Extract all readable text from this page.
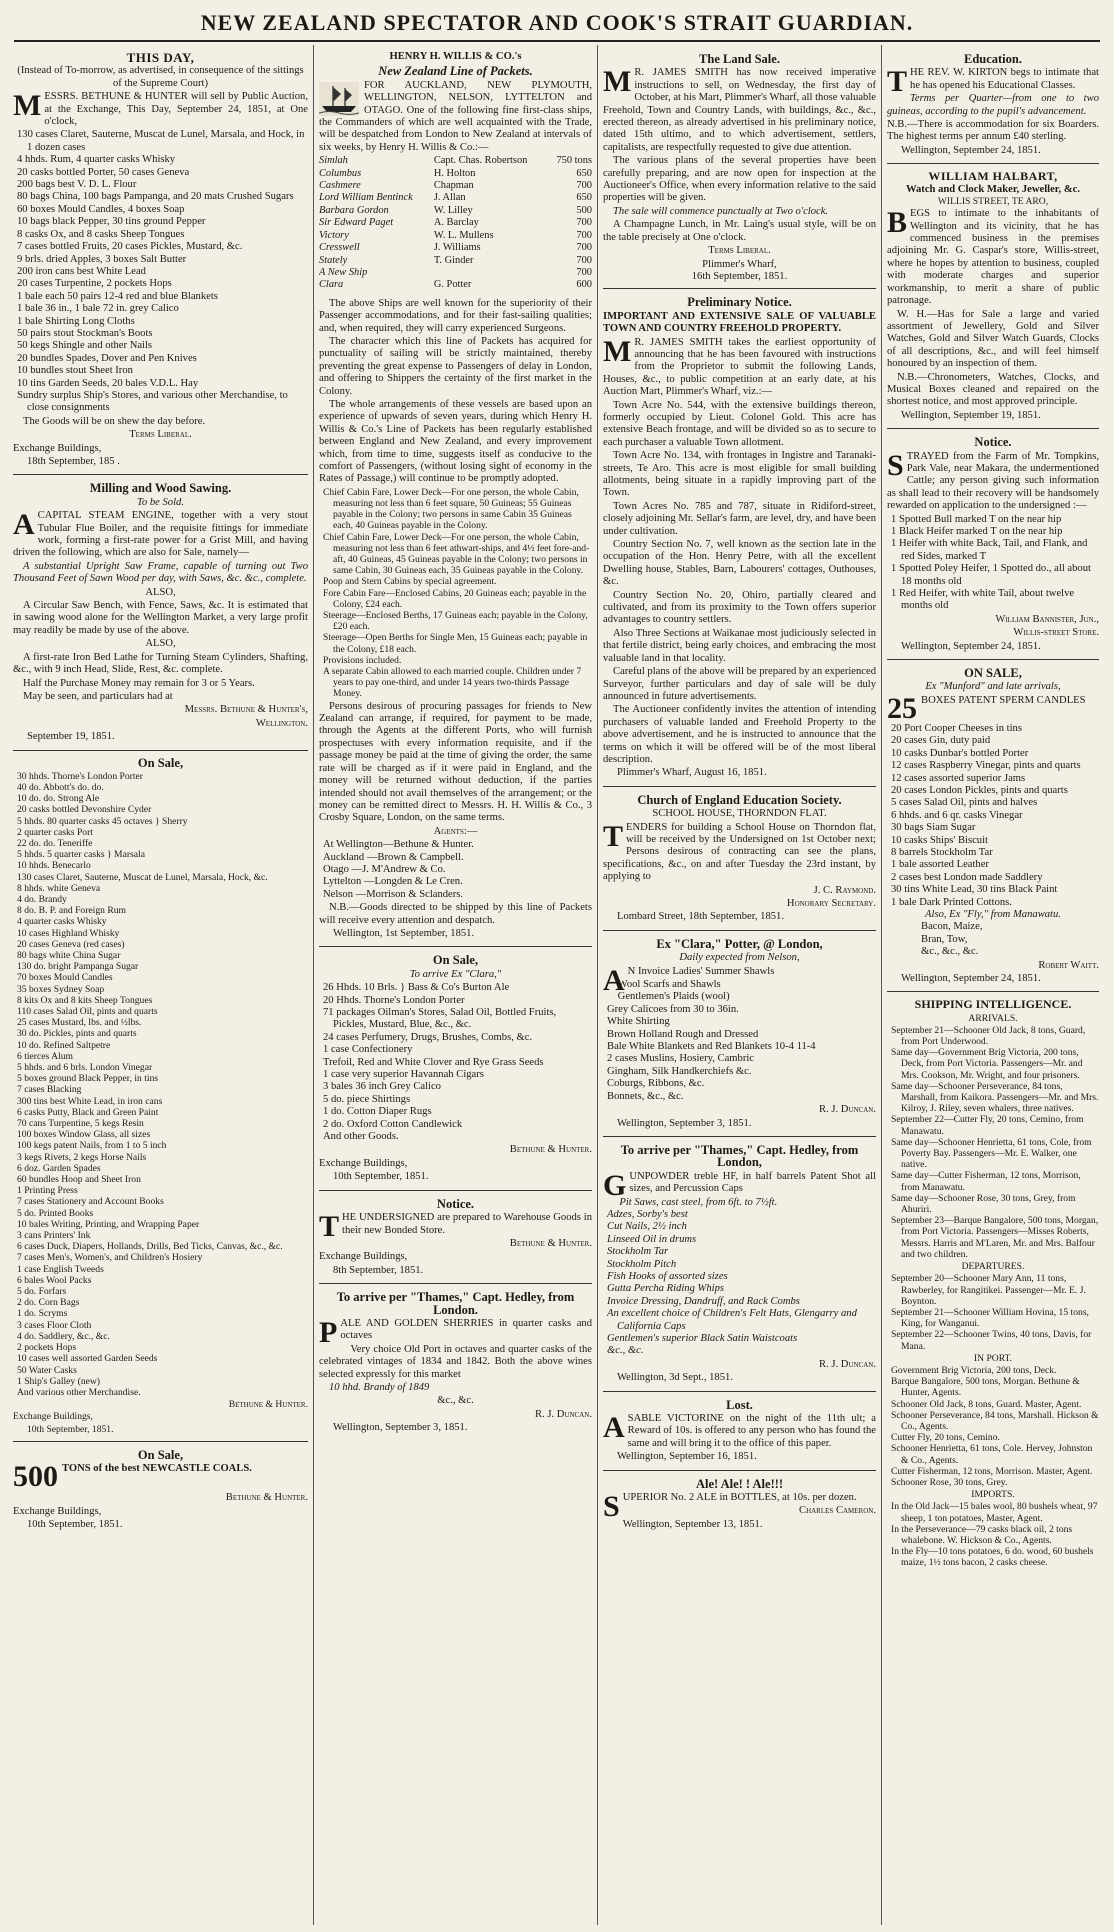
NEW ZEALAND SPECTATOR AND COOK'S STRAIT GUARDIAN.
THIS DAY,
(Instead of To-morrow, as advertised, in consequence of the sittings of the Supreme Court)
MESSRS. BETHUNE & HUNTER will sell by Public Auction, at the Exchange, This Day, September 24, 1851, at One o'clock,
130 cases Claret, Sauterne, Muscat de Lunel, Marsala, and Hock, in 1 dozen cases
4 hhds. Rum, 4 quarter casks Whisky
20 casks bottled Porter, 50 cases Geneva
200 bags best V. D. L. Flour
80 bags China, 100 bags Pampanga, and 20 mats Crushed Sugars
60 boxes Mould Candles, 4 boxes Soap
10 bags black Pepper, 30 tins ground Pepper
8 casks Ox, and 8 casks Sheep Tongues
7 cases bottled Fruits, 20 cases Pickles, Mustard, &c.
9 brls. dried Apples, 3 boxes Salt Butter
200 iron cans best White Lead
20 cases Turpentine, 2 pockets Hops
1 bale each 50 pairs 12-4 red and blue Blankets
1 bale 36 in., 1 bale 72 in. grey Calico
1 bale Shirting Long Cloths
50 pairs stout Stockman's Boots
50 kegs Shingle and other Nails
20 bundles Spades, Dover and Pen Knives
10 bundles stout Sheet Iron
10 tins Garden Seeds, 20 bales V.D.L. Hay
Sundry surplus Ship's Stores, and various other Merchandise, to close consignments
The Goods will be on shew the day before.
Terms Liberal.
Exchange Buildings,
18th September, 185 .
Milling and Wood Sawing.
To be Sold.
ACAPITAL STEAM ENGINE, together with a very stout Tubular Flue Boiler, and the requisite fittings for immediate work, forming a first-rate power for a Grist Mill, and having driven the following, which are also for Sale, namely—
A substantial Upright Saw Frame, capable of turning out Two Thousand Feet of Sawn Wood per day, with Saws, &c. &c., complete.
ALSO,
A Circular Saw Bench, with Fence, Saws, &c. It is estimated that in sawing wood alone for the Wellington Market, a very large profit may readily be made by use of the above.
ALSO,
A first-rate Iron Bed Lathe for Turning Steam Cylinders, Shafting, &c., with 9 inch Head, Slide, Rest, &c. complete.
Half the Purchase Money may remain for 3 or 5 Years.
May be seen, and particulars had at
Messrs. Bethune & Hunter's,
Wellington.
September 19, 1851.
On Sale,
30 hhds. Thorne's London Porter
40 do. Abbott's do. do.
10 do. do. Strong Ale
20 casks bottled Devonshire Cyder
5 hhds. 80 quarter casks 45 octaves } Sherry
2 quarter casks Port
22 do. do. Teneriffe
5 hhds. 5 quarter casks } Marsala
10 hhds. Benecarlo
130 cases Claret, Sauterne, Muscat de Lunel, Marsala, Hock, &c.
8 hhds. white Geneva
4 do. Brandy
8 do. B. P. and Foreign Rum
4 quarter casks Whisky
10 cases Highland Whisky
20 cases Geneva (red cases)
80 bags white China Sugar
130 do. bright Pampanga Sugar
70 boxes Mould Candles
35 boxes Sydney Soap
8 kits Ox and 8 kits Sheep Tongues
110 cases Salad Oil, pints and quarts
25 cases Mustard, lbs. and ½lbs.
30 do. Pickles, pints and quarts
10 do. Refined Saltpetre
6 tierces Alum
5 hhds. and 6 brls. London Vinegar
5 boxes ground Black Pepper, in tins
7 cases Blacking
300 tins best White Lead, in iron cans
6 casks Putty, Black and Green Paint
70 cans Turpentine, 5 kegs Resin
100 boxes Window Glass, all sizes
100 kegs patent Nails, from 1 to 5 inch
3 kegs Rivets, 2 kegs Horse Nails
6 doz. Garden Spades
60 bundles Hoop and Sheet Iron
1 Printing Press
7 cases Stationery and Account Books
5 do. Printed Books
10 bales Writing, Printing, and Wrapping Paper
3 cans Printers' Ink
6 cases Duck, Diapers, Hollands, Drills, Bed Ticks, Canvas, &c., &c.
7 cases Men's, Women's, and Children's Hosiery
1 case English Tweeds
6 bales Wool Packs
5 do. Forfars
2 do. Corn Bags
1 do. Scryms
3 cases Floor Cloth
4 do. Saddlery, &c., &c.
2 pockets Hops
10 cases well assorted Garden Seeds
50 Water Casks
1 Ship's Galley (new)
And various other Merchandise.
Bethune & Hunter.
Exchange Buildings,
10th September, 1851.
On Sale,
500 TONS of the best NEWCASTLE COALS.
Bethune & Hunter.
Exchange Buildings,
10th September, 1851.
HENRY H. WILLIS & CO.'s
New Zealand Line of Packets.
FOR AUCKLAND, NEW PLYMOUTH, WELLINGTON, NELSON, LYTTELTON and OTAGO. One of the following fine first-class ships, the Commanders of which are well acquainted with the Trade, will be despatched from London to New Zealand at intervals of six weeks, by Henry H. Willis & Co.:—
Simlah	Capt. Chas. Robertson	750 tons
Columbus	H. Holton	650
Cashmere	Chapman	700
Lord William Bentinck	J. Allan	650
Barbara Gordon	W. Lilley	500
Sir Edward Paget	A. Barclay	700
Victory	W. L. Mullens	700
Cresswell	J. Williams	700
Stately	T. Ginder	700
A New Ship		700
Clara	G. Potter	600
The above Ships are well known for the superiority of their Passenger accommodations, and for their fast-sailing qualities; and, when required, they will carry experienced Surgeons.
The character which this line of Packets has acquired for punctuality of sailing will be strictly maintained, thereby preventing the great expense to Passengers of delay in London, and offering to Shippers the certainty of the first market in the Colony.
The whole arrangements of these vessels are based upon an experience of upwards of seven years, during which Henry H. Willis & Co.'s Line of Packets has been regularly established between England and New Zealand, and every improvement which, from time to time, suggests itself as conducive to the comfort of Passengers, (without losing sight of economy in the Rates of Passage,) will continue to be promptly adopted.
Chief Cabin Fare, Lower Deck—For one person, the whole Cabin, measuring not less than 6 feet square, 50 Guineas; 55 Guineas payable in the Colony; two persons in same Cabin 35 Guineas each, 40 Guineas payable in the Colony.
Chief Cabin Fare, Lower Deck—For one person, the whole Cabin, measuring not less than 6 feet athwart-ships, and 4½ feet fore-and-aft, 40 Guineas, 45 Guineas payable in the Colony; two persons in same Cabin, 30 Guineas each, 35 Guineas payable in the Colony.
Poop and Stern Cabins by special agreement.
Fore Cabin Fare—Enclosed Cabins, 20 Guineas each; payable in the Colony, £24 each.
Steerage—Enclosed Berths, 17 Guineas each; payable in the Colony, £20 each.
Steerage—Open Berths for Single Men, 15 Guineas each; payable in the Colony, £18 each.
Provisions included.
A separate Cabin allowed to each married couple. Children under 7 years to pay one-third, and under 14 years two-thirds Passage Money.
Persons desirous of procuring passages for friends to New Zealand can arrange, if required, for payment to be made, through the Agents at the different Ports, who will furnish prospectuses with every information requisite, and if the passage money be paid at the time of giving the order, the same rate will be charged as if it were paid in England, and the money will be returned without deduction, if the parties intended should not avail themselves of the arrangement; or the money can be remitted direct to Messrs. H. H. Willis & Co., 3 Crosby Square, London, on the same terms.
Agents:—
At Wellington—Bethune & Hunter.
Auckland —Brown & Campbell.
Otago —J. M'Andrew & Co.
Lyttelton —Longden & Le Cren.
Nelson —Morrison & Sclanders.
N.B.—Goods directed to be shipped by this line of Packets will receive every attention and despatch.
Wellington, 1st September, 1851.
On Sale,
To arrive Ex "Clara,"
26 Hhds. 10 Brls. } Bass & Co's Burton Ale
20 Hhds. Thorne's London Porter
71 packages Oilman's Stores, Salad Oil, Bottled Fruits, Pickles, Mustard, Blue, &c., &c.
24 cases Perfumery, Drugs, Brushes, Combs, &c.
1 case Confectionery
Trefoil, Red and White Clover and Rye Grass Seeds
1 case very superior Havannah Cigars
3 bales 36 inch Grey Calico
5 do. piece Shirtings
1 do. Cotton Diaper Rugs
2 do. Oxford Cotton Candlewick
And other Goods.
Bethune & Hunter.
Exchange Buildings,
10th September, 1851.
Notice.
THE UNDERSIGNED are prepared to Warehouse Goods in their new Bonded Store.
Bethune & Hunter.
Exchange Buildings,
8th September, 1851.
To arrive per "Thames," Capt. Hedley, from London.
PALE AND GOLDEN SHERRIES in quarter casks and octaves
Very choice Old Port in octaves and quarter casks of the celebrated vintages of 1834 and 1842. Both the above wines selected expressly for this market
10 hhd. Brandy of 1849
&c., &c.
R. J. Duncan.
Wellington, September 3, 1851.
The Land Sale.
MR. JAMES SMITH has now received imperative instructions to sell, on Wednesday, the first day of October, at his Mart, Plimmer's Wharf, all those valuable Freehold, Town and Country Lands, with buildings, &c., &c., erected thereon, as already advertised in his preliminary notice, dated 15th ultimo, and to which advertisement, settlers, capitalists, are respectfully requested to give due attention.
The various plans of the several properties have been carefully preparing, and are now open for inspection at the Auctioneer's Office, when every information relative to the said properties will be given.
The sale will commence punctually at Two o'clock.
A Champagne Lunch, in Mr. Laing's usual style, will be on the table precisely at One o'clock.
Terms Liberal.
Plimmer's Wharf,
16th September, 1851.
Preliminary Notice.
IMPORTANT AND EXTENSIVE SALE OF VALUABLE TOWN AND COUNTRY FREEHOLD PROPERTY.
MR. JAMES SMITH takes the earliest opportunity of announcing that he has been favoured with instructions from the Proprietor to submit the following Lands, Houses, &c., to public competition at an early date, at his Auction Mart, Plimmer's Wharf, viz.:—
Town Acre No. 544, with the extensive buildings thereon, formerly occupied by Lieut. Colonel Gold. This acre has extensive Beach frontage, and will be divided so as to secure to each purchaser a valuable Town allotment.
Town Acre No. 134, with frontages in Ingistre and Taranaki-streets, Te Aro. This acre is most eligible for small building allotments, being situate in a rapidly improving part of the Town.
Town Acres No. 785 and 787, situate in Ridiford-street, closely adjoining Mr. Sellar's farm, are level, dry, and have been under cultivation.
Country Section No. 7, well known as the section late in the occupation of the Hon. Henry Petre, with all the excellent Dwelling house, Stables, Barn, Labourers' cottages, Outhouses, &c.
Country Section No. 20, Ohiro, partially cleared and cultivated, and from its proximity to the Town offers superior advantages to country settlers.
Also Three Sections at Waikanae most judiciously selected in that fertile district, being early choices, and embracing the most valuable land in that locality.
Careful plans of the above will be prepared by an experienced Surveyor, further particulars and day of sale will be duly announced in future advertisements.
The Auctioneer confidently invites the attention of intending purchasers of valuable landed and Freehold Property to the above advertisement, and he is instructed to announce that the terms on which it will be offered will be of the most liberal description.
Plimmer's Wharf, August 16, 1851.
Church of England Education Society.
SCHOOL HOUSE, THORNDON FLAT.
TENDERS for building a School House on Thorndon flat, will be received by the Undersigned on 1st October next; Persons desirous of contracting can see the plans, specifications, &c., on and after Tuesday the 23rd instant, by applying to
J. C. Raymond.
Honorary Secretary.
Lombard Street, 18th September, 1851.
Ex "Clara," Potter, @ London,
Daily expected from Nelson,
AN Invoice Ladies' Summer Shawls
Wool Scarfs and Shawls
Gentlemen's Plaids (wool)
Grey Calicoes from 30 to 36in.
White Shirting
Brown Holland Rough and Dressed
Bale White Blankets and Red Blankets 10-4 11-4
2 cases Muslins, Hosiery, Cambric
Gingham, Silk Handkerchiefs &c.
Coburgs, Ribbons, &c.
Bonnets, &c., &c.
R. J. Duncan.
Wellington, September 3, 1851.
To arrive per "Thames," Capt. Hedley, from London,
GUNPOWDER treble HF, in half barrels Patent Shot all sizes, and Percussion Caps
Pit Saws, cast steel, from 6ft. to 7½ft.
Adzes, Sorby's best
Cut Nails, 2½ inch
Linseed Oil in drums
Stockholm Tar
Stockholm Pitch
Fish Hooks of assorted sizes
Gutta Percha Riding Whips
Invoice Dressing, Dandruff, and Rack Combs
An excellent choice of Children's Felt Hats, Glengarry and California Caps
Gentlemen's superior Black Satin Waistcoats
&c., &c.
R. J. Duncan.
Wellington, 3d Sept., 1851.
Lost.
ASABLE VICTORINE on the night of the 11th ult; a Reward of 10s. is offered to any person who has found the same and will bring it to the office of this paper.
Wellington, September 16, 1851.
Ale! Ale! ! Ale!!!
SUPERIOR No. 2 ALE in BOTTLES, at 10s. per dozen.
Charles Cameron.
Wellington, September 13, 1851.
Education.
THE REV. W. KIRTON begs to intimate that he has opened his Educational Classes.
Terms per Quarter—from one to two guineas, according to the pupil's advancement.
N.B.—There is accommodation for six Boarders. The highest terms per annum £40 sterling.
Wellington, September 24, 1851.
WILLIAM HALBART,
Watch and Clock Maker, Jeweller, &c.
WILLIS STREET, TE ARO,
BEGS to intimate to the inhabitants of Wellington and its vicinity, that he has commenced business in the premises adjoining Mr. G. Caspar's store, Willis-street, where he hopes by attention to business, coupled with moderate charges and superior workmanship, to merit a share of public patronage.
W. H.—Has for Sale a large and varied assortment of Jewellery, Gold and Silver Watches, Gold and Silver Watch Guards, Clocks of all descriptions, &c., and will feel himself honoured by an inspection of them.
N.B.—Chronometers, Watches, Clocks, and Musical Boxes cleaned and repaired on the shortest notice, and most approved principle.
Wellington, September 19, 1851.
Notice.
STRAYED from the Farm of Mr. Tompkins, Park Vale, near Makara, the undermentioned Cattle; any person giving such information as shall lead to their recovery will be handsomely rewarded on application to the undersigned :—
1 Spotted Bull marked T on the near hip
1 Black Heifer marked T on the near hip
1 Heifer with white Back, Tail, and Flank, and red Sides, marked T
1 Spotted Poley Heifer, 1 Spotted do., all about 18 months old
1 Red Heifer, with white Tail, about twelve months old
William Bannister, Jun.,
Willis-street Store.
Wellington, September 24, 1851.
ON SALE,
Ex "Munford" and late arrivals,
25 BOXES PATENT SPERM CANDLES
20 Port Cooper Cheeses in tins
20 cases Gin, duty paid
10 casks Dunbar's bottled Porter
12 cases Raspberry Vinegar, pints and quarts
12 cases assorted superior Jams
20 cases London Pickles, pints and quarts
5 cases Salad Oil, pints and halves
6 hhds. and 6 qr. casks Vinegar
30 bags Siam Sugar
10 casks Ships' Biscuit
8 barrels Stockholm Tar
1 bale assorted Leather
2 cases best London made Saddlery
30 tins White Lead, 30 tins Black Paint
1 bale Dark Printed Cottons.
Also, Ex "Fly," from Manawatu.
Bacon, Maize,
Bran, Tow,
&c., &c., &c.
Robert Waitt.
Wellington, September 24, 1851.
SHIPPING INTELLIGENCE.
ARRIVALS.
September 21—Schooner Old Jack, 8 tons, Guard, from Port Underwood.
Same day—Government Brig Victoria, 200 tons, Deck, from Port Victoria. Passengers—Mr. and Mrs. Cookson, Mr. Wright, and four prisoners.
Same day—Schooner Perseverance, 84 tons, Marshall, from Kaikora. Passengers—Mr. and Mrs. Kilroy, J. Riley, seven whalers, three natives.
September 22—Cutter Fly, 20 tons, Cemino, from Manawatu.
Same day—Schooner Henrietta, 61 tons, Cole, from Poverty Bay. Passengers—Mr. E. Walker, one native.
Same day—Cutter Fisherman, 12 tons, Morrison, from Manawatu.
Same day—Schooner Rose, 30 tons, Grey, from Ahuriri.
September 23—Barque Bangalore, 500 tons, Morgan, from Port Victoria. Passengers—Misses Roberts, Messrs. Harris and M'Laren, Mr. and Mrs. Balfour and two children.
DEPARTURES.
September 20—Schooner Mary Ann, 11 tons, Rawberley, for Rangitikei. Passenger—Mr. E. J. Boynton.
September 21—Schooner William Hovina, 15 tons, King, for Wanganui.
September 22—Schooner Twins, 40 tons, Davis, for Mana.
IN PORT.
Government Brig Victoria, 200 tons, Deck.
Barque Bangalore, 500 tons, Morgan. Bethune & Hunter, Agents.
Schooner Old Jack, 8 tons, Guard. Master, Agent.
Schooner Perseverance, 84 tons, Marshall. Hickson & Co., Agents.
Cutter Fly, 20 tons, Cemino.
Schooner Henrietta, 61 tons, Cole. Hervey, Johnston & Co., Agents.
Cutter Fisherman, 12 tons, Morrison. Master, Agent.
Schooner Rose, 30 tons, Grey.
IMPORTS.
In the Old Jack—15 bales wool, 80 bushels wheat, 97 sheep, 1 ton potatoes, Master, Agent.
In the Perseverance—79 casks black oil, 2 tons whalebone. W. Hickson & Co., Agents.
In the Fly—10 tons potatoes, 6 do. wood, 60 bushels maize, 1½ tons bacon, 2 casks cheese.
